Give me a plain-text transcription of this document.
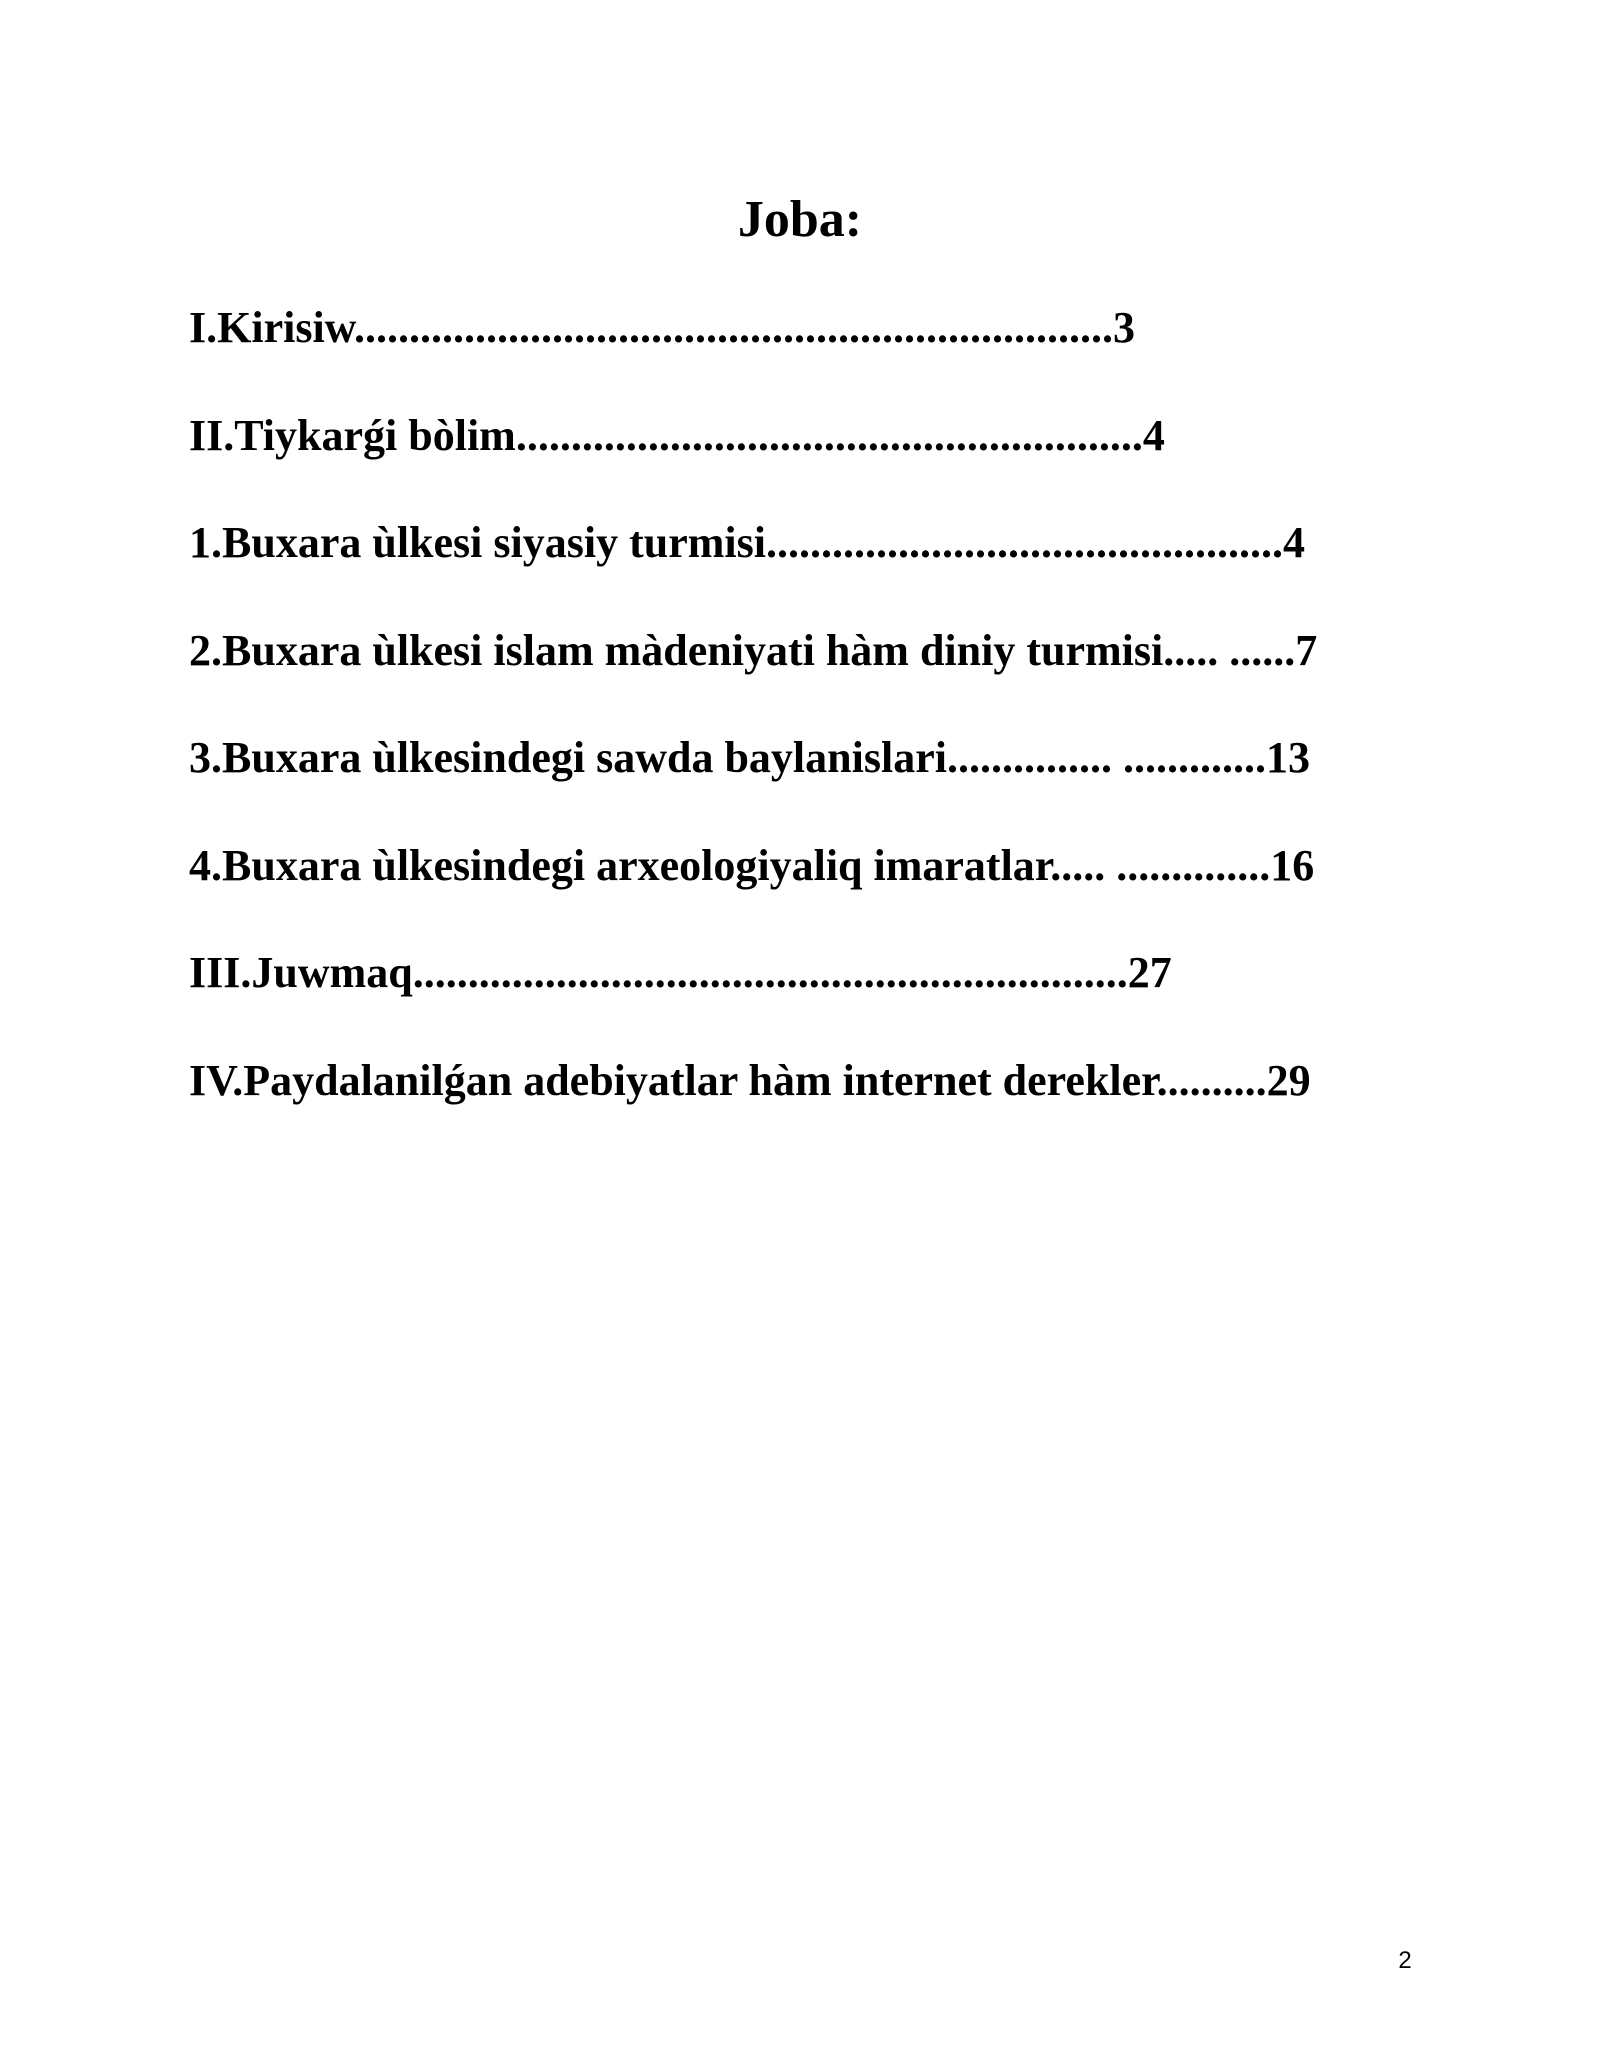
Joba:
I.Kirisiw.....................................................................3
II.Tiykarǵi bòlim.........................................................4
1.Buxara ùlkesi siyasiy turmisi...............................................4
2.Buxara ùlkesi islam màdeniyati hàm diniy turmisi..... ......7
3.Buxara ùlkesindegi sawda baylanislari............... .............13
4.Buxara ùlkesindegi arxeologiyaliq imaratlar..... ..............16
III.Juwmaq.................................................................27
IV.Paydalanilǵan adebiyatlar hàm internet derekler..........29
2
